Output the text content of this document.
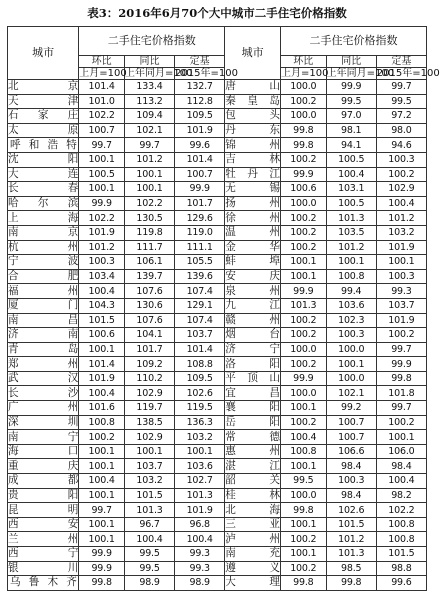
表3：2016年6月70个大中城市二手住宅价格指数
城市	二手住宅价格指数			城市	二手住宅价格指数		
	环比	同比	定基		环比	同比	定基
	上月=100	上年同月=100	2015年=100		上月=100	上年同月=100	2015年=100
北京	101.4	133.4	132.7	唐山	100.0	99.9	99.7
天津	101.0	113.2	112.8	秦皇岛	100.2	99.5	99.5
石家庄	102.2	109.4	109.5	包头	100.0	97.0	97.2
太原	100.7	102.1	101.9	丹东	99.8	98.1	98.0
呼和浩特	99.7	99.7	99.6	锦州	99.8	94.1	94.6
沈阳	100.1	101.2	101.4	吉林	100.2	100.5	100.3
大连	100.5	100.1	100.7	牡丹江	99.9	100.4	100.2
长春	100.1	100.1	99.9	无锡	100.6	103.1	102.9
哈尔滨	99.9	102.2	101.7	扬州	100.0	100.5	100.4
上海	102.2	130.5	129.6	徐州	100.2	101.3	101.2
南京	101.9	119.8	119.0	温州	100.2	103.5	103.2
杭州	101.2	111.7	111.1	金华	100.2	101.2	101.9
宁波	100.3	106.1	105.5	蚌埠	100.1	100.1	100.1
合肥	103.4	139.7	139.6	安庆	100.1	100.8	100.3
福州	100.4	107.6	107.4	泉州	99.9	99.4	99.3
厦门	104.3	130.6	129.1	九江	101.3	103.6	103.7
南昌	101.5	107.6	107.4	赣州	100.2	102.3	101.9
济南	100.6	104.1	103.7	烟台	100.2	100.3	100.2
青岛	100.1	101.7	101.4	济宁	100.0	100.0	99.7
郑州	101.4	109.2	108.8	洛阳	100.2	100.1	99.9
武汉	101.9	110.2	109.5	平顶山	99.9	100.0	99.8
长沙	100.4	102.9	102.6	宜昌	100.0	102.1	101.8
广州	101.6	119.7	119.5	襄阳	100.1	99.2	99.7
深圳	100.8	138.5	136.3	岳阳	100.2	100.7	100.2
南宁	100.2	102.9	103.2	常德	100.4	100.7	100.1
海口	100.1	100.1	100.1	惠州	100.8	106.6	106.0
重庆	100.1	103.7	103.6	湛江	100.1	98.4	98.4
成都	100.4	103.2	102.7	韶关	99.5	100.3	100.4
贵阳	100.1	101.5	101.3	桂林	100.0	98.4	98.2
昆明	99.7	101.3	101.9	北海	99.8	102.6	102.2
西安	100.1	96.7	96.8	三亚	100.1	101.5	100.8
兰州	100.1	100.4	100.4	泸州	100.2	101.2	100.8
西宁	99.9	99.5	99.3	南充	100.1	101.3	101.5
银川	99.9	99.5	99.3	遵义	100.2	98.5	98.8
乌鲁木齐	99.8	98.9	98.9	大理	99.8	99.8	99.6
